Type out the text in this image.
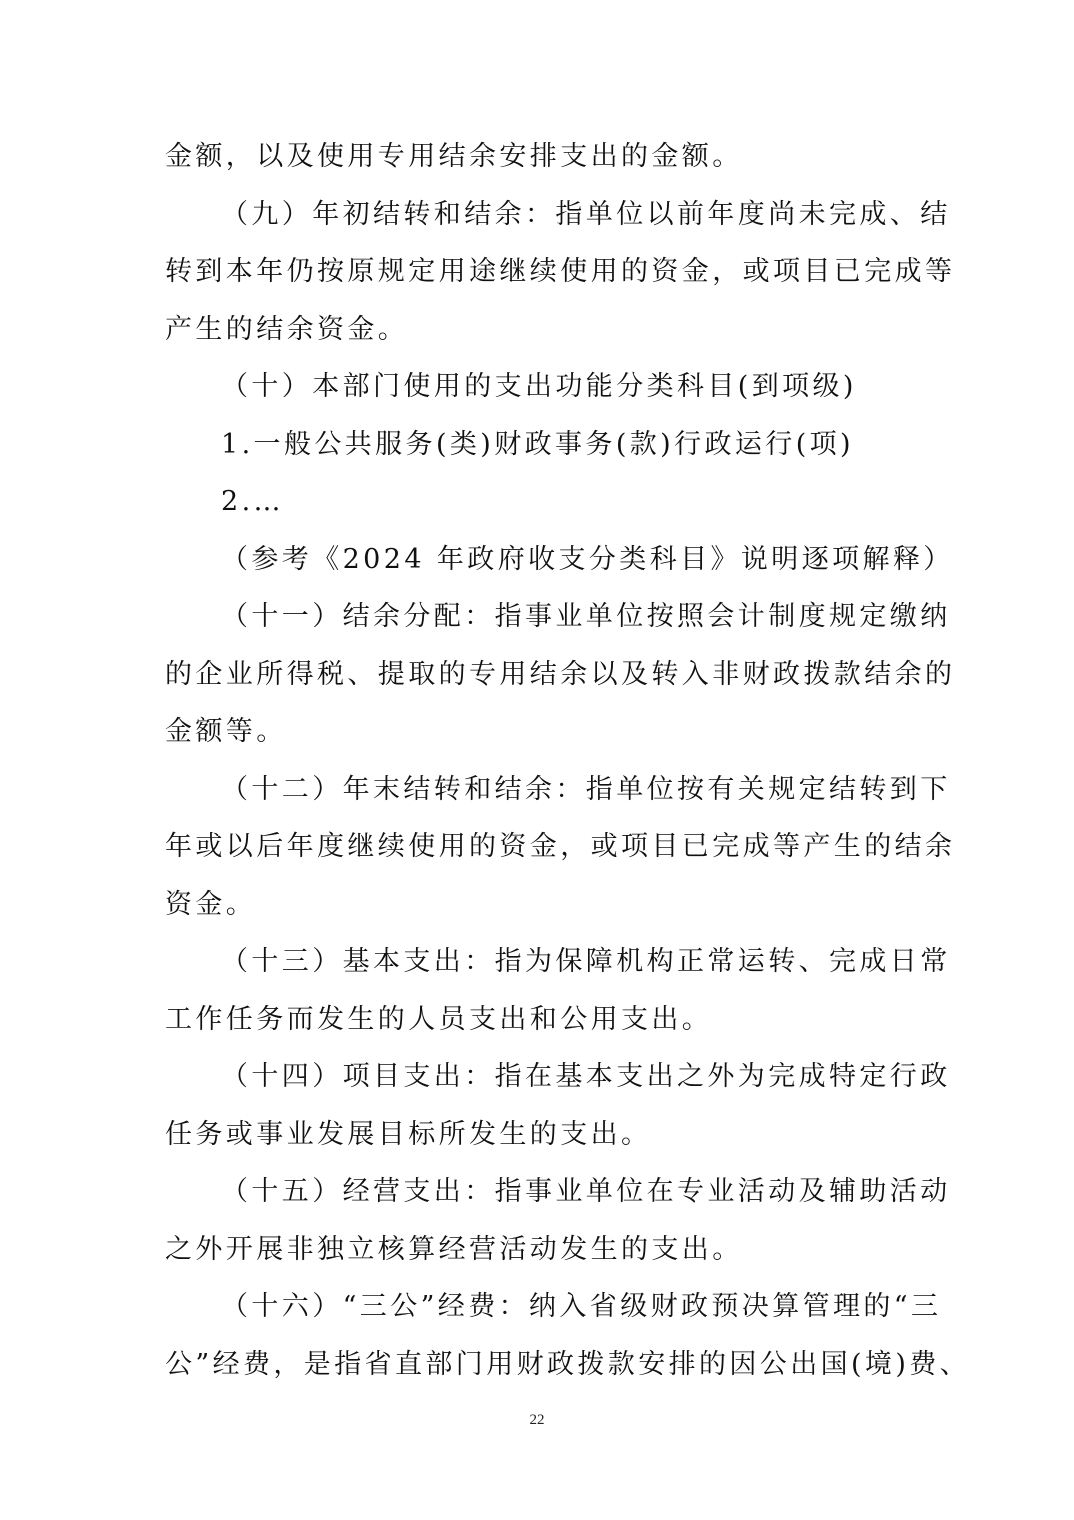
金额，以及使用专用结余安排支出的金额。
（九）年初结转和结余：指单位以前年度尚未完成、结
转到本年仍按原规定用途继续使用的资金，或项目已完成等
产生的结余资金。
（十）本部门使用的支出功能分类科目(到项级)
1.一般公共服务(类)财政事务(款)行政运行(项)
2.…
（参考《2024 年政府收支分类科目》说明逐项解释）
（十一）结余分配：指事业单位按照会计制度规定缴纳
的企业所得税、提取的专用结余以及转入非财政拨款结余的
金额等。
（十二）年末结转和结余：指单位按有关规定结转到下
年或以后年度继续使用的资金，或项目已完成等产生的结余
资金。
（十三）基本支出：指为保障机构正常运转、完成日常
工作任务而发生的人员支出和公用支出。
（十四）项目支出：指在基本支出之外为完成特定行政
任务或事业发展目标所发生的支出。
（十五）经营支出：指事业单位在专业活动及辅助活动
之外开展非独立核算经营活动发生的支出。
（十六）“三公”经费：纳入省级财政预决算管理的“三
公”经费，是指省直部门用财政拨款安排的因公出国(境)费、
22
